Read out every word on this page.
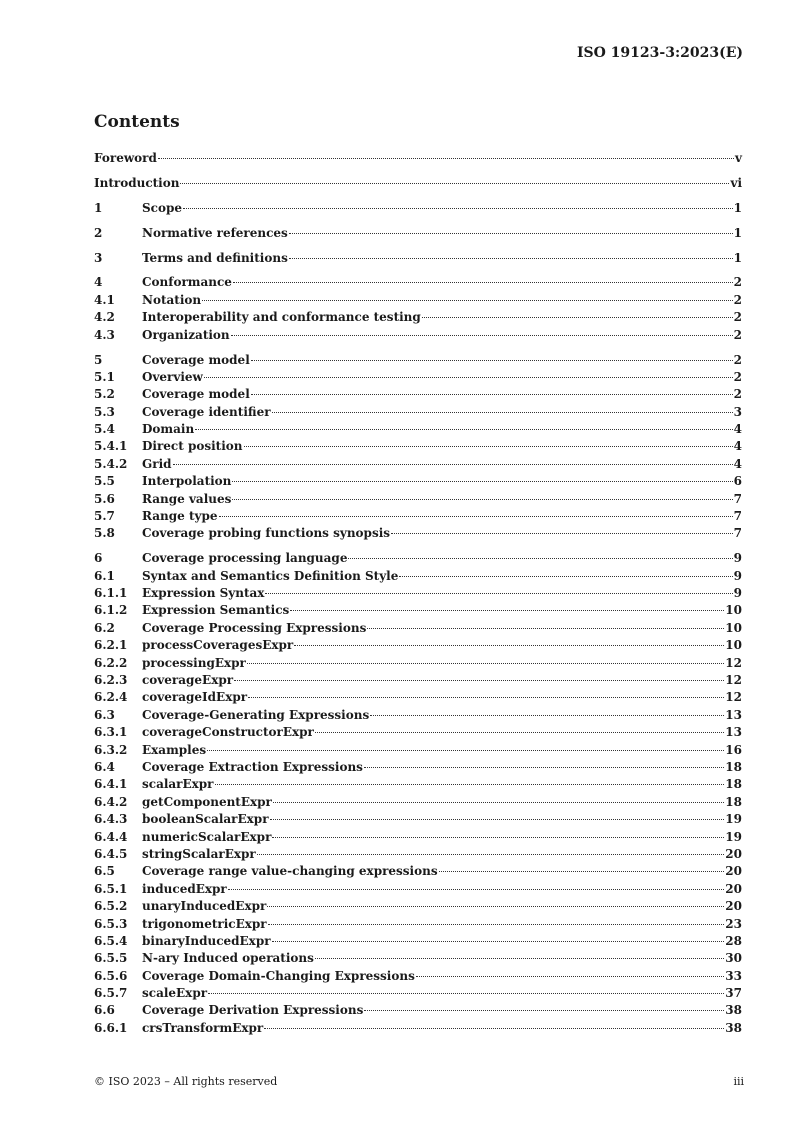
ISO 19123-3:2023(E)
Contents
Foreword	v
Introduction	vi
1	Scope	1
2	Normative references	1
3	Terms and definitions	1
4	Conformance	2
4.1	Notation	2
4.2	Interoperability and conformance testing	2
4.3	Organization	2
5	Coverage model	2
5.1	Overview	2
5.2	Coverage model	2
5.3	Coverage identifier	3
5.4	Domain	4
5.4.1	Direct position	4
5.4.2	Grid	4
5.5	Interpolation	6
5.6	Range values	7
5.7	Range type	7
5.8	Coverage probing functions synopsis	7
6	Coverage processing language	9
6.1	Syntax and Semantics Definition Style	9
6.1.1	Expression Syntax	9
6.1.2	Expression Semantics	10
6.2	Coverage Processing Expressions	10
6.2.1	processCoveragesExpr	10
6.2.2	processingExpr	12
6.2.3	coverageExpr	12
6.2.4	coverageIdExpr	12
6.3	Coverage-Generating Expressions	13
6.3.1	coverageConstructorExpr	13
6.3.2	Examples	16
6.4	Coverage Extraction Expressions	18
6.4.1	scalarExpr	18
6.4.2	getComponentExpr	18
6.4.3	booleanScalarExpr	19
6.4.4	numericScalarExpr	19
6.4.5	stringScalarExpr	20
6.5	Coverage range value-changing expressions	20
6.5.1	inducedExpr	20
6.5.2	unaryInducedExpr	20
6.5.3	trigonometricExpr	23
6.5.4	binaryInducedExpr	28
6.5.5	N-ary Induced operations	30
6.5.6	Coverage Domain-Changing Expressions	33
6.5.7	scaleExpr	37
6.6	Coverage Derivation Expressions	38
6.6.1	crsTransformExpr	38
© ISO 2023 – All rights reserved	iii
